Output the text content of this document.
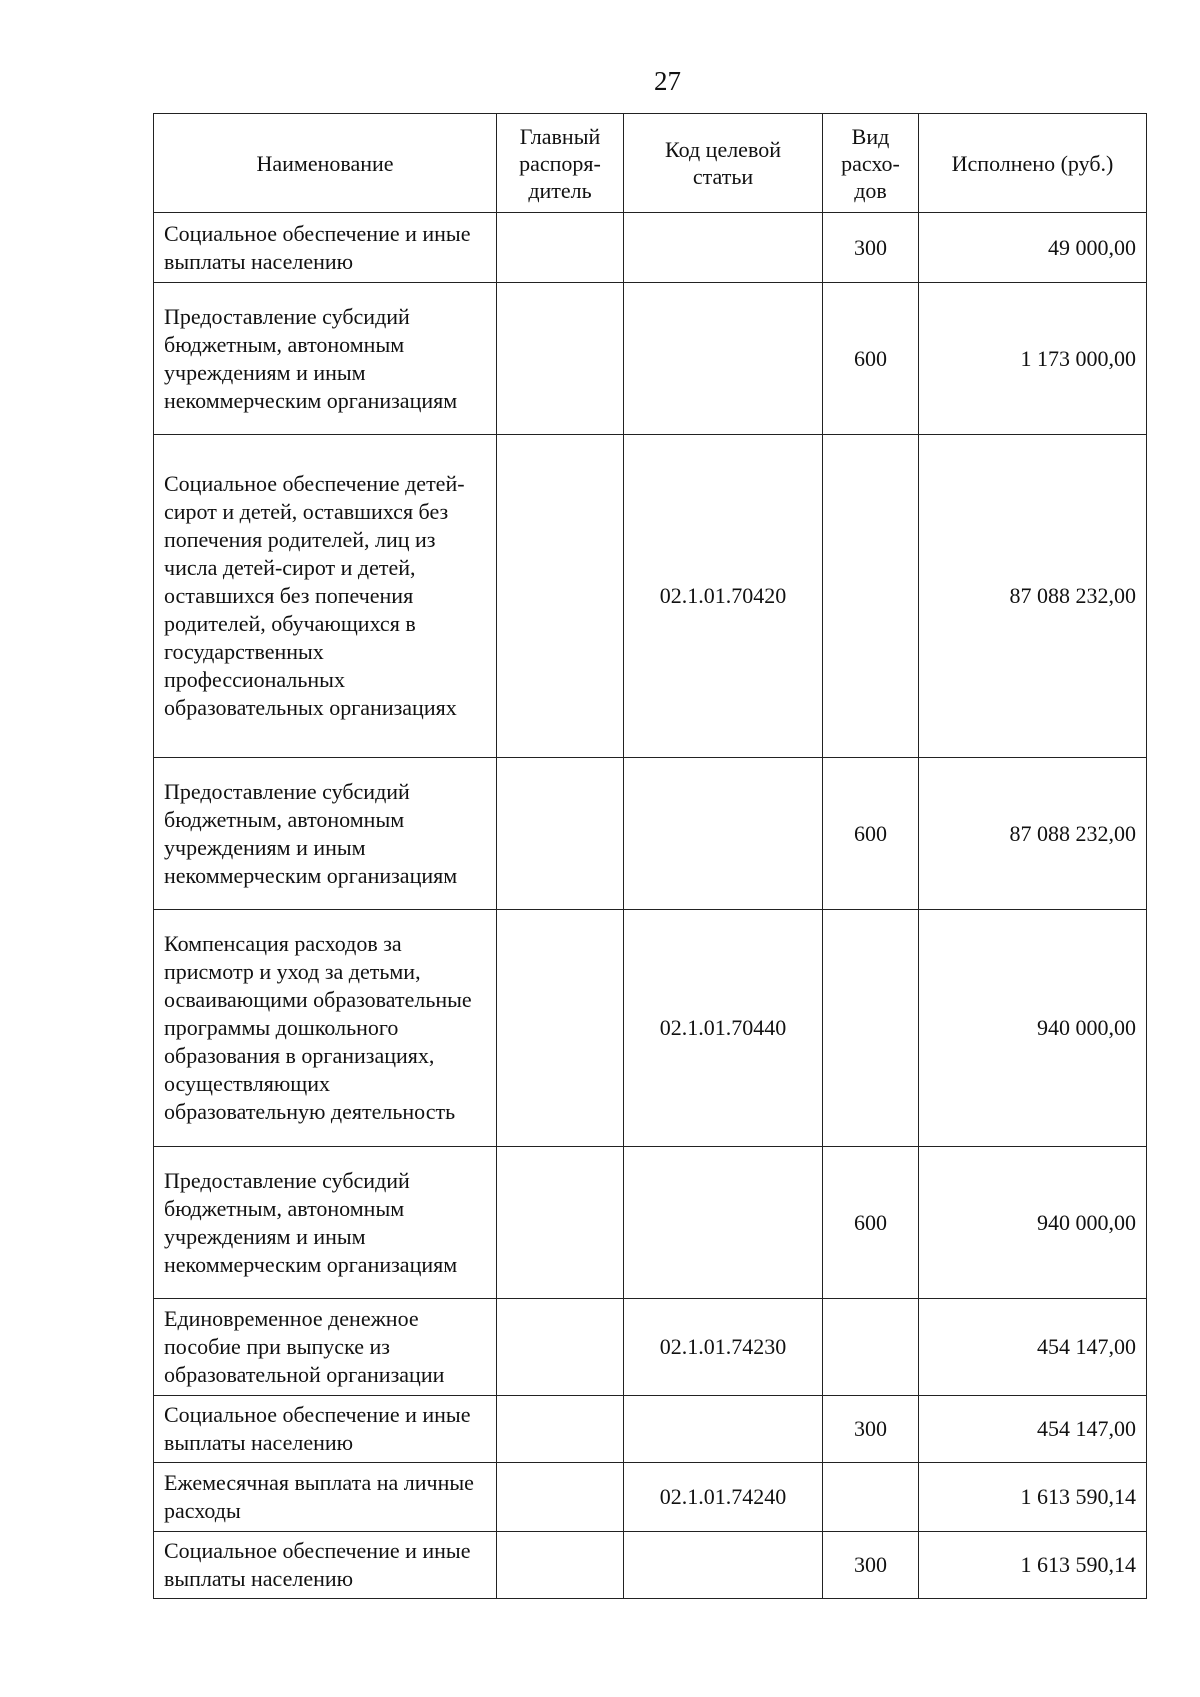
27
Наименование	Главный распоря-дитель	Код целевой статьи	Вид расхо-дов	Исполнено (руб.)
Социальное обеспечение и иные выплаты населению			300	49 000,00
Предоставление субсидий бюджетным, автономным учреждениям и иным некоммерческим организациям			600	1 173 000,00
Социальное обеспечение детей-сирот и детей, оставшихся без попечения родителей, лиц из числа детей-сирот и детей, оставшихся без попечения родителей, обучающихся в государственных профессиональных образовательных организациях		02.1.01.70420		87 088 232,00
Предоставление субсидий бюджетным, автономным учреждениям и иным некоммерческим организациям			600	87 088 232,00
Компенсация расходов за присмотр и уход за детьми, осваивающими образовательные программы дошкольного образования в организациях, осуществляющих образовательную деятельность		02.1.01.70440		940 000,00
Предоставление субсидий бюджетным, автономным учреждениям и иным некоммерческим организациям			600	940 000,00
Единовременное денежное пособие при выпуске из образовательной организации		02.1.01.74230		454 147,00
Социальное обеспечение и иные выплаты населению			300	454 147,00
Ежемесячная выплата на личные расходы		02.1.01.74240		1 613 590,14
Социальное обеспечение и иные выплаты населению			300	1 613 590,14
